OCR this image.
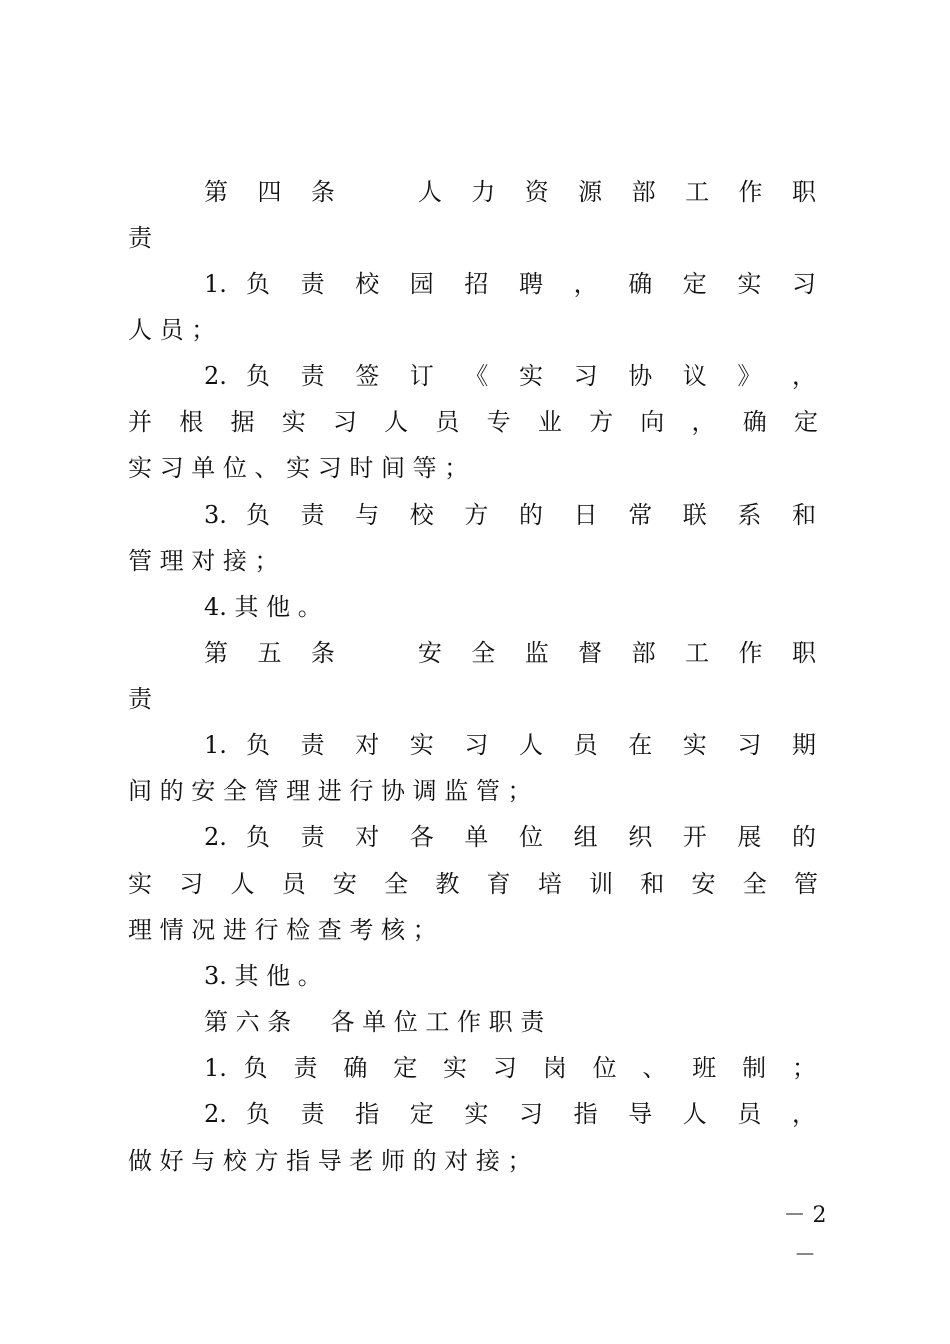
第 四 条 　 人 力 资 源 部 工 作 职
责
1. 负 责 校 园 招 聘 ， 确 定 实 习
人 员 ；
2. 负 责 签 订 《 实 习 协 议 》 ，
并 根 据 实 习 人 员 专 业 方 向 ， 确 定
实 习 单 位 、 实 习 时 间 等 ；
3. 负 责 与 校 方 的 日 常 联 系 和
管 理 对 接 ；
4. 其 他 。
第 五 条 　 安 全 监 督 部 工 作 职
责
1. 负 责 对 实 习 人 员 在 实 习 期
间 的 安 全 管 理 进 行 协 调 监 管 ；
2. 负 责 对 各 单 位 组 织 开 展 的
实 习 人 员 安 全 教 育 培 训 和 安 全 管
理 情 况 进 行 检 查 考 核 ；
3. 其 他 。
第 六 条 　 各 单 位 工 作 职 责
1. 负 责 确 定 实 习 岗 位 、 班 制 ；
2. 负 责 指 定 实 习 指 导 人 员 ，
做 好 与 校 方 指 导 老 师 的 对 接 ；
－ 2 －
